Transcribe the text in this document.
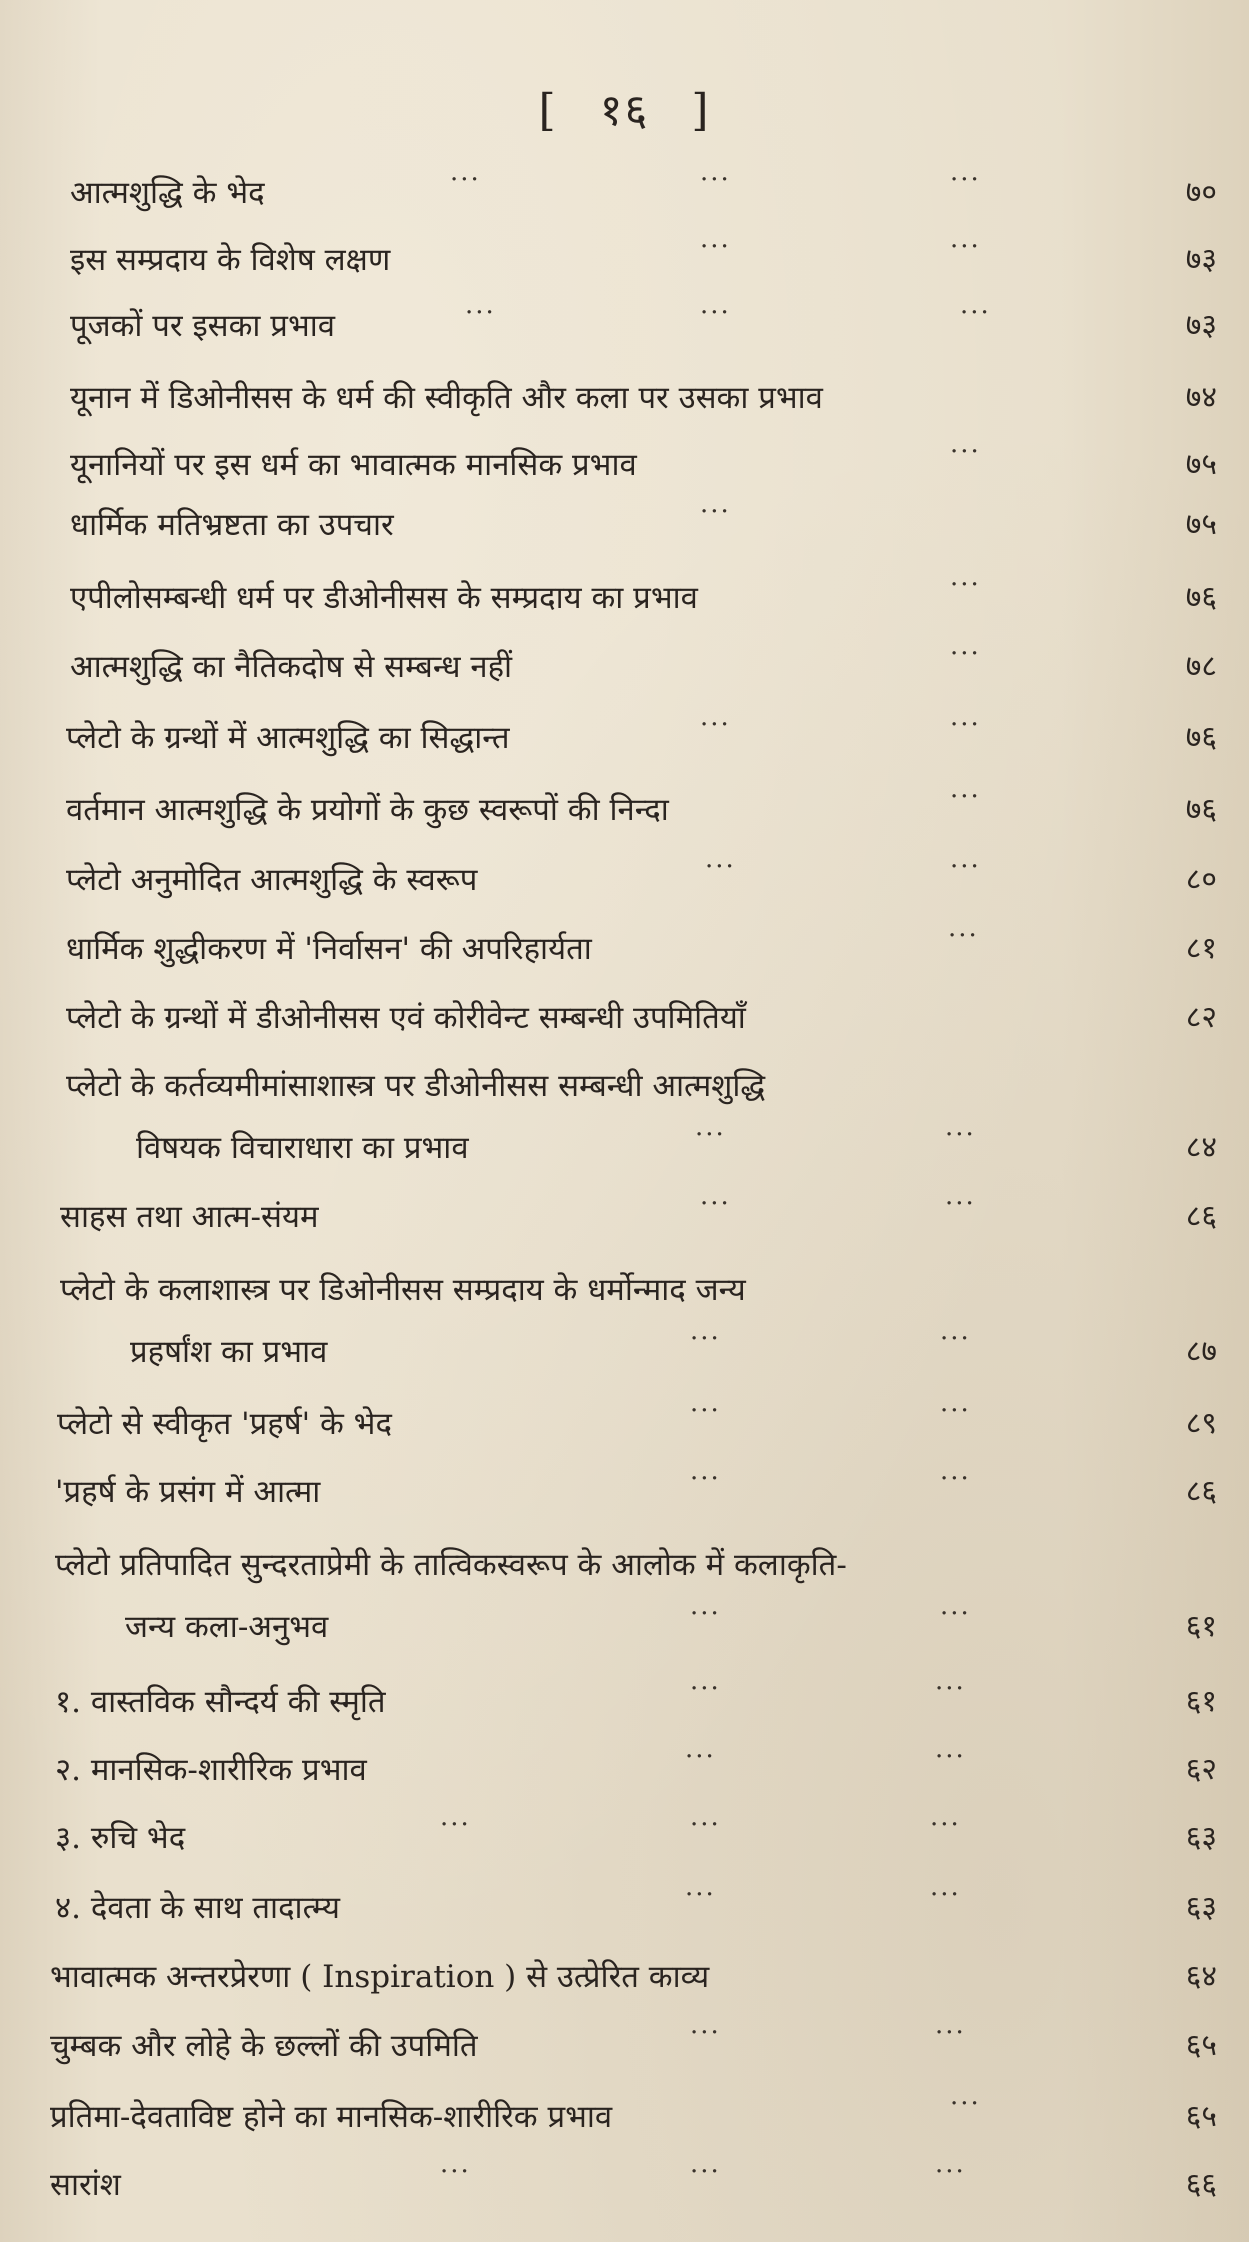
[ १६ ]
आत्मशुद्धि के भेद	···	···	···	७०
इस सम्प्रदाय के विशेष लक्षण	···	···	७३
पूजकों पर इसका प्रभाव	···	···	···	७३
यूनान में डिओनीसस के धर्म की स्वीकृति और कला पर उसका प्रभाव	७४
यूनानियों पर इस धर्म का भावात्मक मानसिक प्रभाव	···	७५
धार्मिक मतिभ्रष्टता का उपचार	···	७५
एपीलोसम्बन्धी धर्म पर डीओनीसस के सम्प्रदाय का प्रभाव	···	७६
आत्मशुद्धि का नैतिकदोष से सम्बन्ध नहीं	···	७८
प्लेटो के ग्रन्थों में आत्मशुद्धि का सिद्धान्त	···	···	७६
वर्तमान आत्मशुद्धि के प्रयोगों के कुछ स्वरूपों की निन्दा	···	७६
प्लेटो अनुमोदित आत्मशुद्धि के स्वरूप	···	···	८०
धार्मिक शुद्धीकरण में 'निर्वासन' की अपरिहार्यता	···	८१
प्लेटो के ग्रन्थों में डीओनीसस एवं कोरीवेन्ट सम्बन्धी उपमितियाँ	८२
प्लेटो के कर्तव्यमीमांसाशास्त्र पर डीओनीसस सम्बन्धी आत्मशुद्धि
विषयक विचाराधारा का प्रभाव	···	···	८४
साहस तथा आत्म-संयम	···	···	८६
प्लेटो के कलाशास्त्र पर डिओनीसस सम्प्रदाय के धर्मोन्माद जन्य
प्रहर्षांश का प्रभाव	···	···	८७
प्लेटो से स्वीकृत 'प्रहर्ष' के भेद	···	···	८९
'प्रहर्ष के प्रसंग में आत्मा	···	···	८६
प्लेटो प्रतिपादित सुन्दरताप्रेमी के तात्विकस्वरूप के आलोक में कलाकृति-
जन्य कला-अनुभव	···	···	६१
१. वास्तविक सौन्दर्य की स्मृति	···	···	६१
२. मानसिक-शारीरिक प्रभाव	···	···	६२
३. रुचि भेद	···	···	···	६३
४. देवता के साथ तादात्म्य	···	···	६३
भावात्मक अन्तरप्रेरणा ( Inspiration ) से उत्प्रेरित काव्य	६४
चुम्बक और लोहे के छल्लों की उपमिति	···	···	६५
प्रतिमा-देवताविष्ट होने का मानसिक-शारीरिक प्रभाव	···	६५
सारांश	···	···	···	६६
